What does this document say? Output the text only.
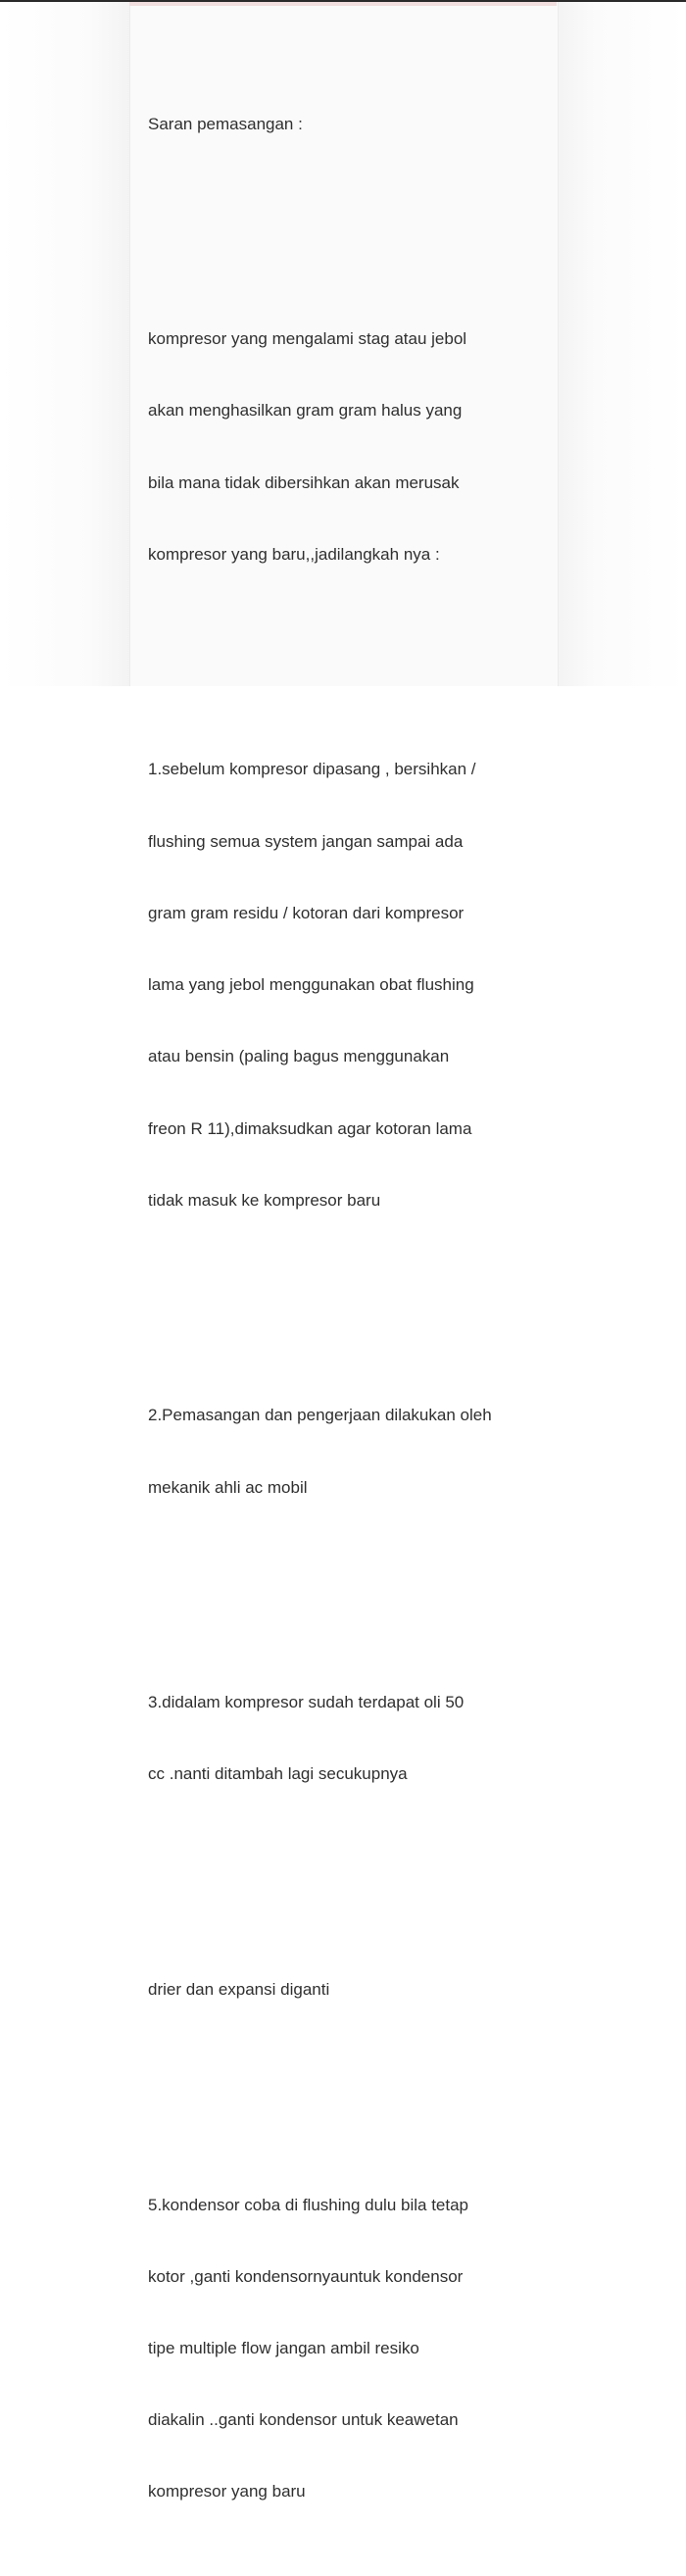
Saran pemasangan :

kompresor yang mengalami stag atau jebol

akan menghasilkan gram gram halus yang

bila mana tidak dibersihkan akan merusak

kompresor yang baru,,jadilangkah nya :

1.sebelum kompresor dipasang , bersihkan /

flushing semua system jangan sampai ada

gram gram residu / kotoran dari kompresor

lama yang jebol menggunakan obat flushing

atau bensin (paling bagus menggunakan

freon R 11),dimaksudkan agar kotoran lama

tidak masuk ke kompresor baru

2.Pemasangan dan pengerjaan dilakukan oleh

mekanik ahli ac mobil

3.didalam kompresor sudah terdapat oli 50

cc .nanti ditambah lagi secukupnya

drier dan expansi diganti

5.kondensor coba di flushing dulu bila tetap

kotor ,ganti kondensornyauntuk kondensor

tipe multiple flow jangan ambil resiko

diakalin ..ganti kondensor untuk keawetan

kompresor yang baru
